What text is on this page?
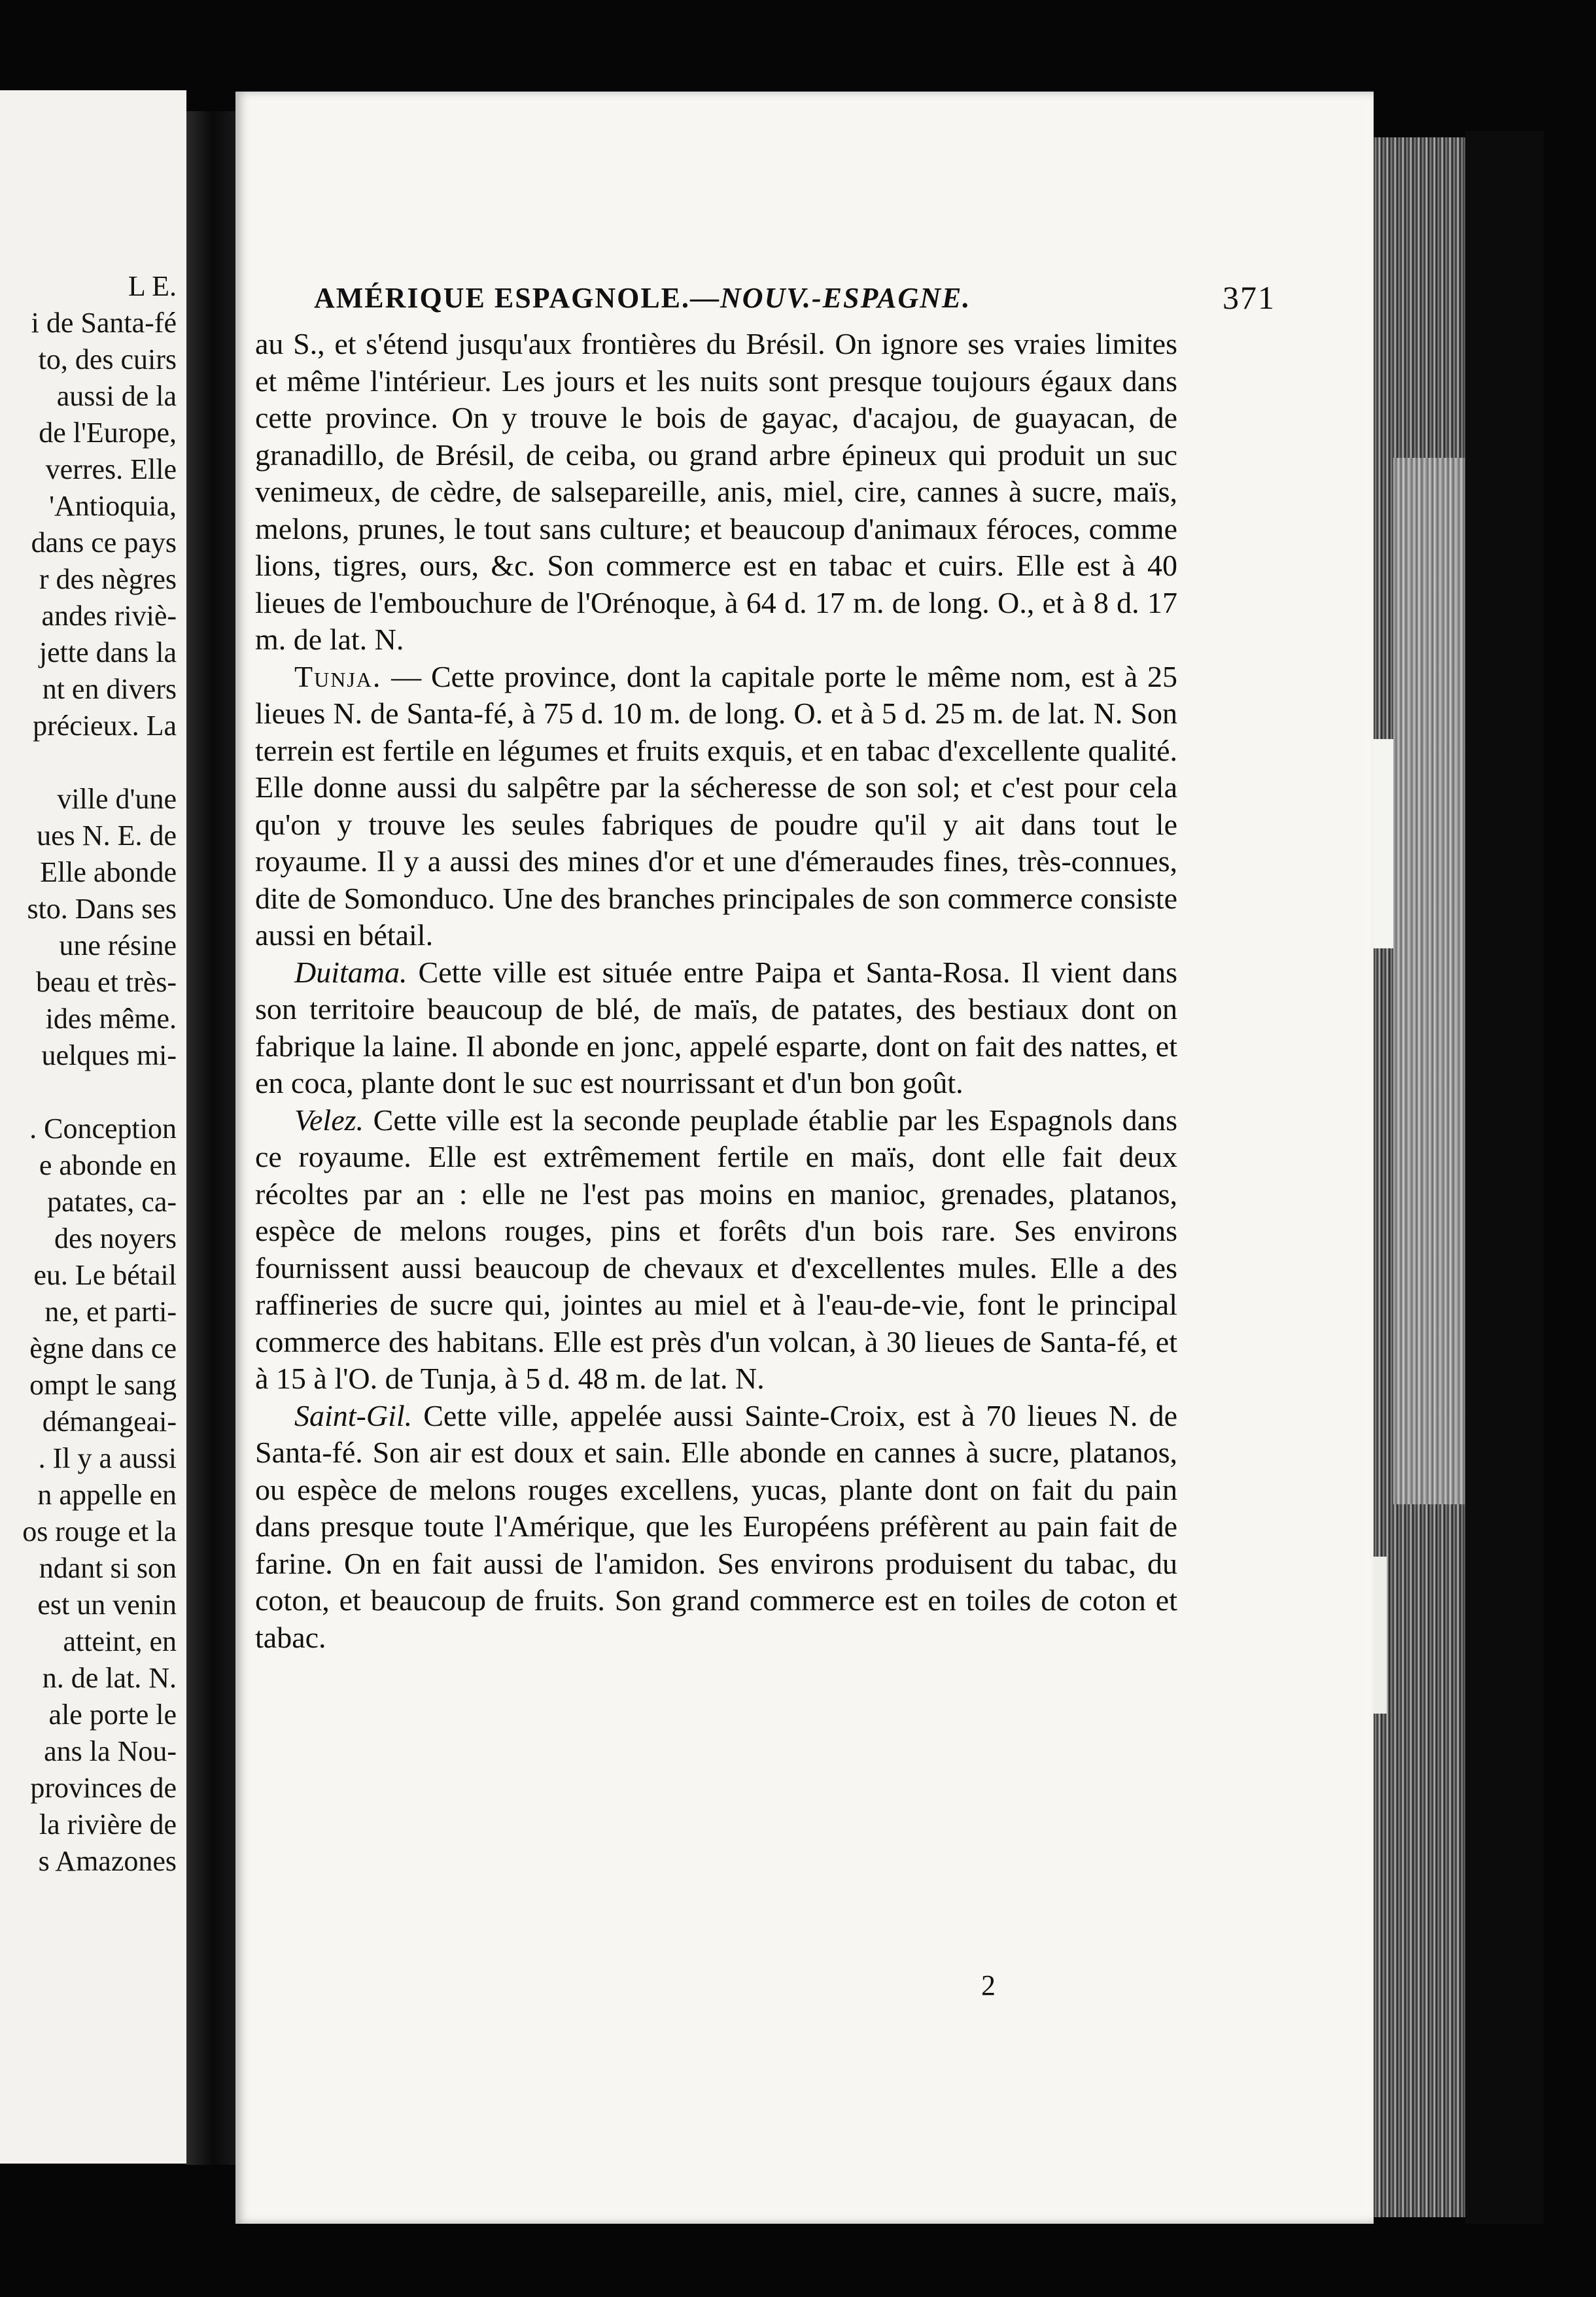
L E.
i de Santa-fé
to, des cuirs
aussi de la
de l'Europe,
verres. Elle
'Antioquia,
dans ce pays
r des nègres
andes riviè-
jette dans la
nt en divers
précieux. La
ville d'une
ues N. E. de
Elle abonde
sto. Dans ses
une résine
beau et très-
ides même.
uelques mi-
. Conception
e abonde en
patates, ca-
des noyers
eu. Le bétail
ne, et parti-
ègne dans ce
ompt le sang
démangeai-
. Il y a aussi
n appelle en
os rouge et la
ndant si son
est un venin
atteint, en
n. de lat. N.
ale porte le
ans la Nou-
provinces de
la rivière de
s Amazones
AMÉRIQUE ESPAGNOLE.—NOUV.-ESPAGNE.	371

au S., et s'étend jusqu'aux frontières du Brésil. On ignore ses vraies limites et même l'intérieur. Les jours et les nuits sont presque toujours égaux dans cette province. On y trouve le bois de gayac, d'acajou, de guayacan, de granadillo, de Brésil, de ceiba, ou grand arbre épineux qui produit un suc venimeux, de cèdre, de salsepareille, anis, miel, cire, cannes à sucre, maïs, melons, prunes, le tout sans culture; et beaucoup d'animaux féroces, comme lions, tigres, ours, &c. Son commerce est en tabac et cuirs. Elle est à 40 lieues de l'embouchure de l'Orénoque, à 64 d. 17 m. de long. O., et à 8 d. 17 m. de lat. N.

Tunja. — Cette province, dont la capitale porte le même nom, est à 25 lieues N. de Santa-fé, à 75 d. 10 m. de long. O. et à 5 d. 25 m. de lat. N. Son terrein est fertile en légumes et fruits exquis, et en tabac d'excellente qualité. Elle donne aussi du salpêtre par la sécheresse de son sol; et c'est pour cela qu'on y trouve les seules fabriques de poudre qu'il y ait dans tout le royaume. Il y a aussi des mines d'or et une d'émeraudes fines, très-connues, dite de Somonduco. Une des branches principales de son commerce consiste aussi en bétail.

Duitama. Cette ville est située entre Paipa et Santa-Rosa. Il vient dans son territoire beaucoup de blé, de maïs, de patates, des bestiaux dont on fabrique la laine. Il abonde en jonc, appelé esparte, dont on fait des nattes, et en coca, plante dont le suc est nourrissant et d'un bon goût.

Velez. Cette ville est la seconde peuplade établie par les Espagnols dans ce royaume. Elle est extrêmement fertile en maïs, dont elle fait deux récoltes par an : elle ne l'est pas moins en manioc, grenades, platanos, espèce de melons rouges, pins et forêts d'un bois rare. Ses environs fournissent aussi beaucoup de chevaux et d'excellentes mules. Elle a des raffineries de sucre qui, jointes au miel et à l'eau-de-vie, font le principal commerce des habitans. Elle est près d'un volcan, à 30 lieues de Santa-fé, et à 15 à l'O. de Tunja, à 5 d. 48 m. de lat. N.

Saint-Gil. Cette ville, appelée aussi Sainte-Croix, est à 70 lieues N. de Santa-fé. Son air est doux et sain. Elle abonde en cannes à sucre, platanos, ou espèce de melons rouges excellens, yucas, plante dont on fait du pain dans presque toute l'Amérique, que les Européens préfèrent au pain fait de farine. On en fait aussi de l'amidon. Ses environs produisent du tabac, du coton, et beaucoup de fruits. Son grand commerce est en toiles de coton et tabac.

2
